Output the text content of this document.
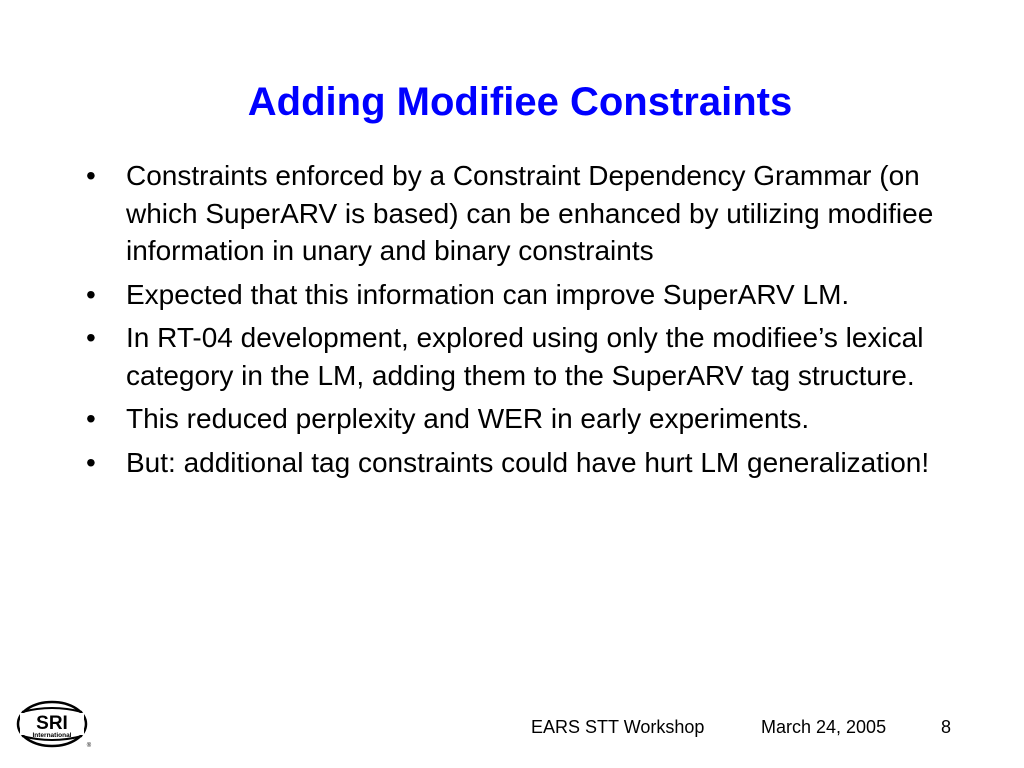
Adding Modifiee Constraints
•	Constraints enforced by a Constraint Dependency Grammar (on which SuperARV is based) can be enhanced by utilizing modifiee information in unary and binary constraints
•	Expected that this information can improve SuperARV LM.
•	In RT-04 development, explored using only the modifiee’s lexical category in the LM, adding them to the SuperARV tag structure.
•	This reduced perplexity and WER in early experiments.
•	But: additional tag constraints could have hurt LM generalization!
SRI
International
®
EARS STT Workshop	March 24, 2005	8
